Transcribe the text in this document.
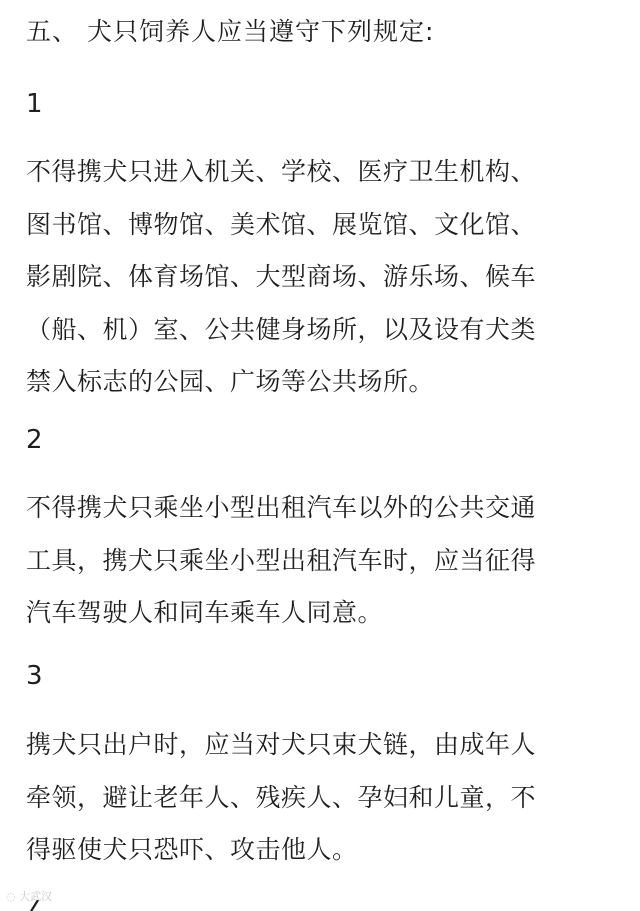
五、 犬只饲养人应当遵守下列规定:
1
不得携犬只进入机关、学校、医疗卫生机构、
图书馆、博物馆、美术馆、展览馆、文化馆、
影剧院、体育场馆、大型商场、游乐场、候车
（船、机）室、公共健身场所，以及设有犬类
禁入标志的公园、广场等公共场所。
2
不得携犬只乘坐小型出租汽车以外的公共交通
工具，携犬只乘坐小型出租汽车时，应当征得
汽车驾驶人和同车乘车人同意。
3
携犬只出户时，应当对犬只束犬链，由成年人
牵领，避让老年人、残疾人、孕妇和儿童，不
得驱使犬只恐吓、攻击他人。
◌ 大武汉
